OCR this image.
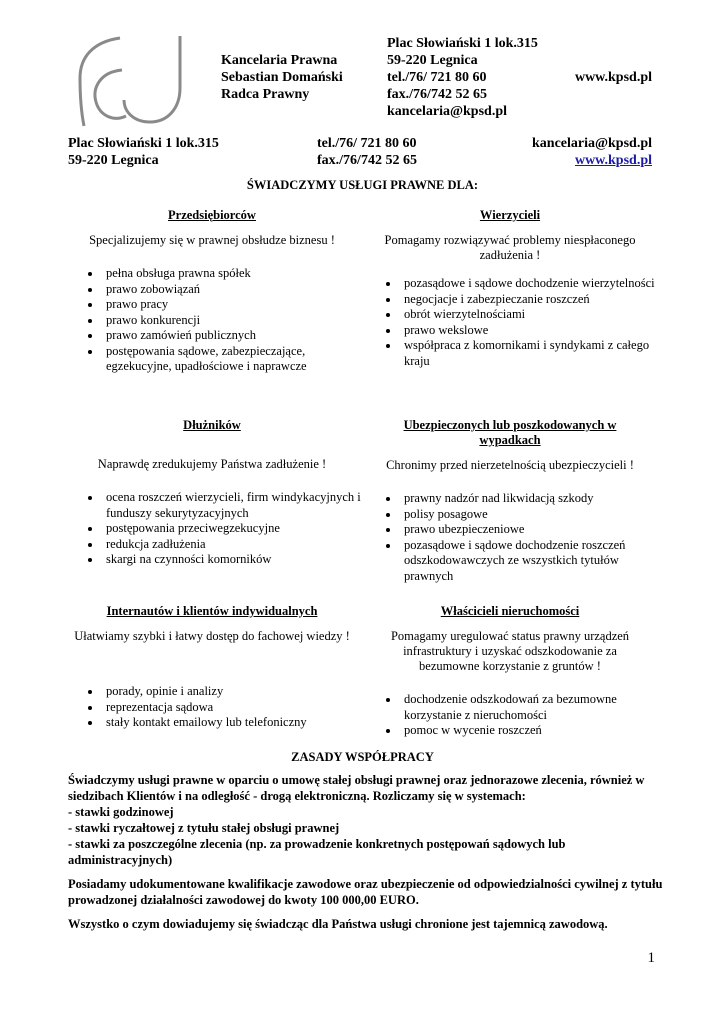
Kancelaria Prawna
Sebastian Domański
Radca Prawny
Plac Słowiański 1 lok.315
59-220 Legnica
tel./76/ 721 80 60
fax./76/742 52 65
kancelaria@kpsd.pl
www.kpsd.pl
Plac Słowiański 1 lok.315
59-220 Legnica
tel./76/ 721 80 60
fax./76/742 52 65
kancelaria@kpsd.pl
www.kpsd.pl
ŚWIADCZYMY USŁUGI PRAWNE DLA:
Przedsiębiorców
Specjalizujemy się w prawnej obsłudze biznesu !
• pełna obsługa prawna spółek
• prawo zobowiązań
• prawo pracy
• prawo konkurencji
• prawo zamówień publicznych
• postępowania sądowe, zabezpieczające, egzekucyjne, upadłościowe i naprawcze
Wierzycieli
Pomagamy rozwiązywać problemy niespłaconego zadłużenia !
• pozasądowe i sądowe dochodzenie wierzytelności
• negocjacje i zabezpieczanie roszczeń
• obrót wierzytelnościami
• prawo wekslowe
• współpraca z komornikami i syndykami z całego kraju
Dłużników
Naprawdę zredukujemy Państwa zadłużenie !
• ocena roszczeń wierzycieli, firm windykacyjnych i funduszy sekurytyzacyjnych
• postępowania przeciwegzekucyjne
• redukcja zadłużenia
• skargi na czynności komorników
Ubezpieczonych lub poszkodowanych w wypadkach
Chronimy przed nierzetelnością ubezpieczycieli !
• prawny nadzór nad likwidacją szkody
• polisy posagowe
• prawo ubezpieczeniowe
• pozasądowe i sądowe dochodzenie roszczeń odszkodowawczych ze wszystkich tytułów prawnych
Internautów i klientów indywidualnych
Ułatwiamy szybki i łatwy dostęp do fachowej wiedzy !
• porady, opinie i analizy
• reprezentacja sądowa
• stały kontakt emailowy lub telefoniczny
Właścicieli nieruchomości
Pomagamy uregulować status prawny urządzeń infrastruktury i uzyskać odszkodowanie za bezumowne korzystanie z gruntów !
• dochodzenie odszkodowań za bezumowne korzystanie z nieruchomości
• pomoc w wycenie roszczeń
ZASADY WSPÓŁPRACY

Świadczymy usługi prawne w oparciu o umowę stałej obsługi prawnej oraz jednorazowe zlecenia, również w siedzibach Klientów i na odległość - drogą elektroniczną. Rozliczamy się w systemach:

- stawki godzinowej
- stawki ryczałtowej z tytułu stałej obsługi prawnej

- stawki za poszczególne zlecenia (np. za prowadzenie konkretnych postępowań sądowych lub administracyjnych)

Posiadamy udokumentowane kwalifikacje zawodowe oraz ubezpieczenie od odpowiedzialności cywilnej z tytułu prowadzonej działalności zawodowej do kwoty 100 000,00 EURO.

Wszystko o czym dowiadujemy się świadcząc dla Państwa usługi chronione jest tajemnicą zawodową.

1
